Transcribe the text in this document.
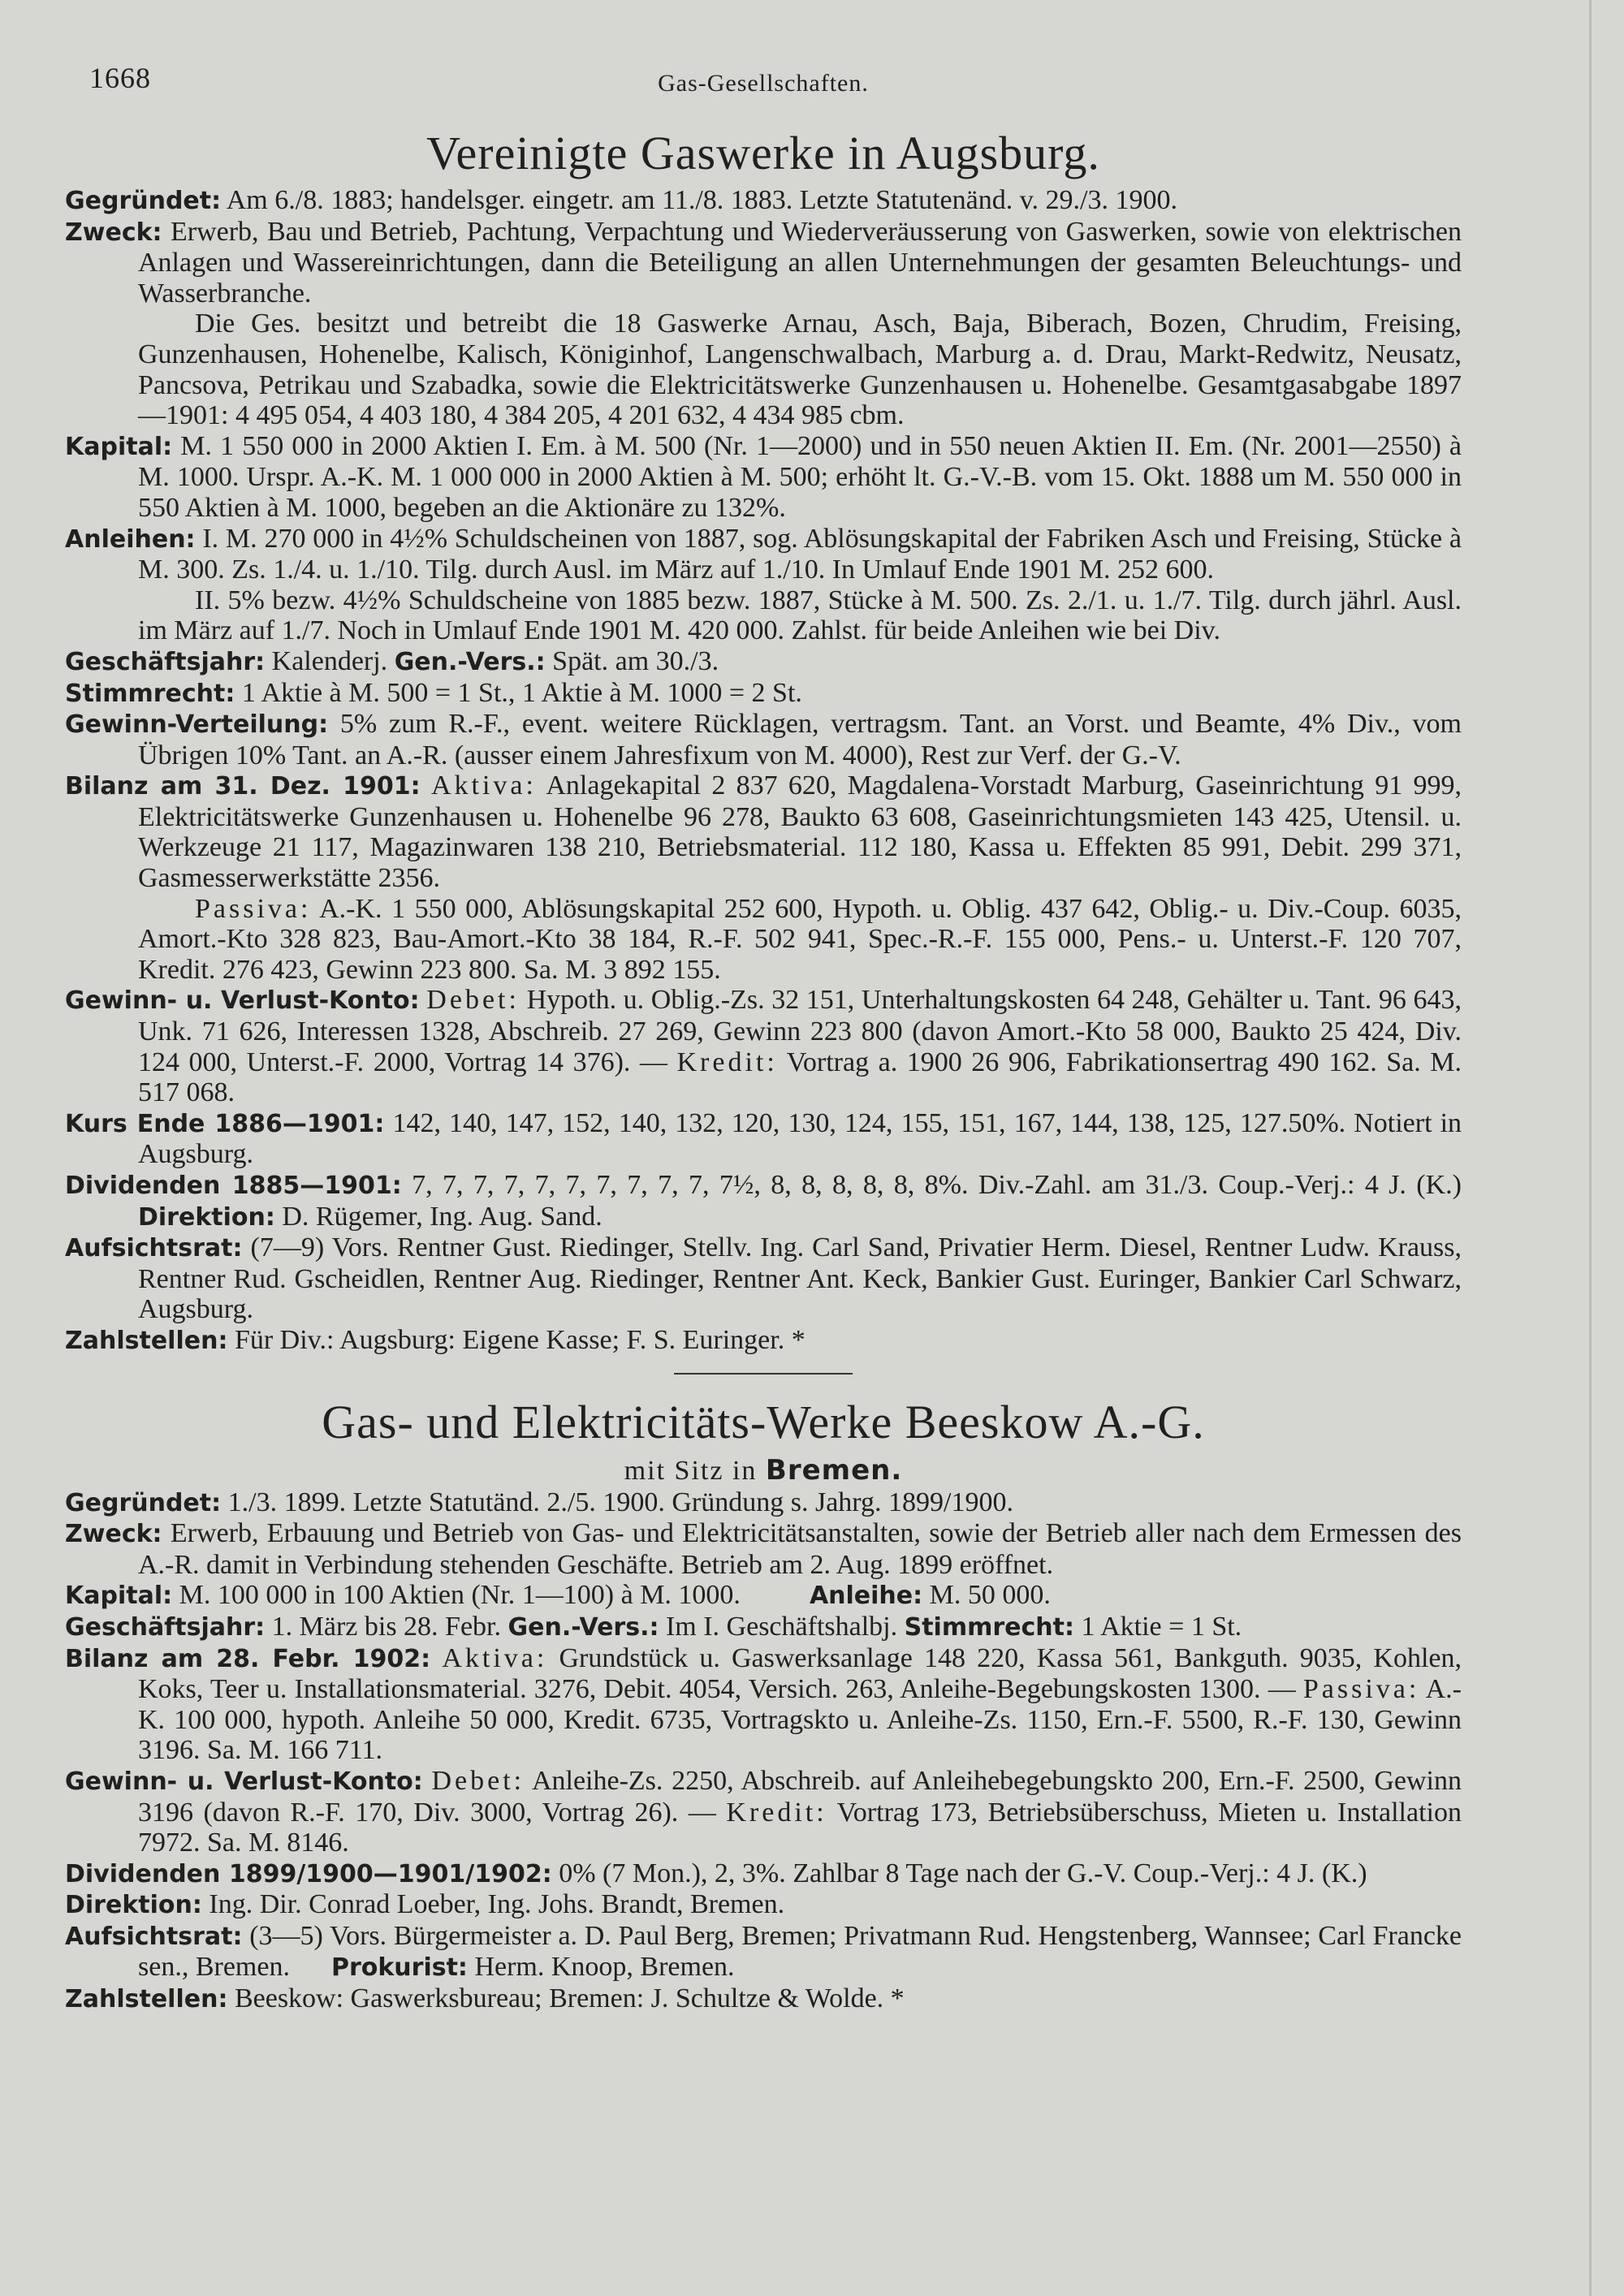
1668	Gas-Gesellschaften.
Vereinigte Gaswerke in Augsburg.
Gegründet: Am 6./8. 1883; handelsger. eingetr. am 11./8. 1883. Letzte Statutenänd. v. 29./3. 1900.
Zweck: Erwerb, Bau und Betrieb, Pachtung, Verpachtung und Wiederveräusserung von Gaswerken, sowie von elektrischen Anlagen und Wassereinrichtungen, dann die Beteiligung an allen Unternehmungen der gesamten Beleuchtungs- und Wasserbranche.
Die Ges. besitzt und betreibt die 18 Gaswerke Arnau, Asch, Baja, Biberach, Bozen, Chrudim, Freising, Gunzenhausen, Hohenelbe, Kalisch, Königinhof, Langenschwalbach, Marburg a. d. Drau, Markt-Redwitz, Neusatz, Pancsova, Petrikau und Szabadka, sowie die Elektricitätswerke Gunzenhausen u. Hohenelbe. Gesamtgasabgabe 1897—1901: 4 495 054, 4 403 180, 4 384 205, 4 201 632, 4 434 985 cbm.
Kapital: M. 1 550 000 in 2000 Aktien I. Em. à M. 500 (Nr. 1—2000) und in 550 neuen Aktien II. Em. (Nr. 2001—2550) à M. 1000. Urspr. A.-K. M. 1 000 000 in 2000 Aktien à M. 500; erhöht lt. G.-V.-B. vom 15. Okt. 1888 um M. 550 000 in 550 Aktien à M. 1000, begeben an die Aktionäre zu 132%.
Anleihen: I. M. 270 000 in 4½% Schuldscheinen von 1887, sog. Ablösungskapital der Fabriken Asch und Freising, Stücke à M. 300. Zs. 1./4. u. 1./10. Tilg. durch Ausl. im März auf 1./10. In Umlauf Ende 1901 M. 252 600.
II. 5% bezw. 4½% Schuldscheine von 1885 bezw. 1887, Stücke à M. 500. Zs. 2./1. u. 1./7. Tilg. durch jährl. Ausl. im März auf 1./7. Noch in Umlauf Ende 1901 M. 420 000. Zahlst. für beide Anleihen wie bei Div.
Geschäftsjahr: Kalenderj. Gen.-Vers.: Spät. am 30./3.
Stimmrecht: 1 Aktie à M. 500 = 1 St., 1 Aktie à M. 1000 = 2 St.
Gewinn-Verteilung: 5% zum R.-F., event. weitere Rücklagen, vertragsm. Tant. an Vorst. und Beamte, 4% Div., vom Übrigen 10% Tant. an A.-R. (ausser einem Jahresfixum von M. 4000), Rest zur Verf. der G.-V.
Bilanz am 31. Dez. 1901: Aktiva: Anlagekapital 2 837 620, Magdalena-Vorstadt Marburg, Gaseinrichtung 91 999, Elektricitätswerke Gunzenhausen u. Hohenelbe 96 278, Baukto 63 608, Gaseinrichtungsmieten 143 425, Utensil. u. Werkzeuge 21 117, Magazinwaren 138 210, Betriebsmaterial. 112 180, Kassa u. Effekten 85 991, Debit. 299 371, Gasmesserwerkstätte 2356.
Passiva: A.-K. 1 550 000, Ablösungskapital 252 600, Hypoth. u. Oblig. 437 642, Oblig.- u. Div.-Coup. 6035, Amort.-Kto 328 823, Bau-Amort.-Kto 38 184, R.-F. 502 941, Spec.-R.-F. 155 000, Pens.- u. Unterst.-F. 120 707, Kredit. 276 423, Gewinn 223 800. Sa. M. 3 892 155.
Gewinn- u. Verlust-Konto: Debet: Hypoth. u. Oblig.-Zs. 32 151, Unterhaltungskosten 64 248, Gehälter u. Tant. 96 643, Unk. 71 626, Interessen 1328, Abschreib. 27 269, Gewinn 223 800 (davon Amort.-Kto 58 000, Baukto 25 424, Div. 124 000, Unterst.-F. 2000, Vortrag 14 376). — Kredit: Vortrag a. 1900 26 906, Fabrikationsertrag 490 162. Sa. M. 517 068.
Kurs Ende 1886—1901: 142, 140, 147, 152, 140, 132, 120, 130, 124, 155, 151, 167, 144, 138, 125, 127.50%. Notiert in Augsburg.
Dividenden 1885—1901: 7, 7, 7, 7, 7, 7, 7, 7, 7, 7, 7½, 8, 8, 8, 8, 8, 8%. Div.-Zahl. am 31./3. Coup.-Verj.: 4 J. (K.) Direktion: D. Rügemer, Ing. Aug. Sand.
Aufsichtsrat: (7—9) Vors. Rentner Gust. Riedinger, Stellv. Ing. Carl Sand, Privatier Herm. Diesel, Rentner Ludw. Krauss, Rentner Rud. Gscheidlen, Rentner Aug. Riedinger, Rentner Ant. Keck, Bankier Gust. Euringer, Bankier Carl Schwarz, Augsburg.
Zahlstellen: Für Div.: Augsburg: Eigene Kasse; F. S. Euringer. *
Gas- und Elektricitäts-Werke Beeskow A.-G.
mit Sitz in Bremen.
Gegründet: 1./3. 1899. Letzte Statutänd. 2./5. 1900. Gründung s. Jahrg. 1899/1900.
Zweck: Erwerb, Erbauung und Betrieb von Gas- und Elektricitätsanstalten, sowie der Betrieb aller nach dem Ermessen des A.-R. damit in Verbindung stehenden Geschäfte. Betrieb am 2. Aug. 1899 eröffnet.
Kapital: M. 100 000 in 100 Aktien (Nr. 1—100) à M. 1000.	Anleihe: M. 50 000.
Geschäftsjahr: 1. März bis 28. Febr. Gen.-Vers.: Im I. Geschäftshalbj. Stimmrecht: 1 Aktie = 1 St.
Bilanz am 28. Febr. 1902: Aktiva: Grundstück u. Gaswerksanlage 148 220, Kassa 561, Bankguth. 9035, Kohlen, Koks, Teer u. Installationsmaterial. 3276, Debit. 4054, Versich. 263, Anleihe-Begebungskosten 1300. — Passiva: A.-K. 100 000, hypoth. Anleihe 50 000, Kredit. 6735, Vortragskto u. Anleihe-Zs. 1150, Ern.-F. 5500, R.-F. 130, Gewinn 3196. Sa. M. 166 711.
Gewinn- u. Verlust-Konto: Debet: Anleihe-Zs. 2250, Abschreib. auf Anleihebegebungskto 200, Ern.-F. 2500, Gewinn 3196 (davon R.-F. 170, Div. 3000, Vortrag 26). — Kredit: Vortrag 173, Betriebsüberschuss, Mieten u. Installation 7972. Sa. M. 8146.
Dividenden 1899/1900—1901/1902: 0% (7 Mon.), 2, 3%. Zahlbar 8 Tage nach der G.-V. Coup.-Verj.: 4 J. (K.)
Direktion: Ing. Dir. Conrad Loeber, Ing. Johs. Brandt, Bremen.
Aufsichtsrat: (3—5) Vors. Bürgermeister a. D. Paul Berg, Bremen; Privatmann Rud. Hengstenberg, Wannsee; Carl Francke sen., Bremen. Prokurist: Herm. Knoop, Bremen.
Zahlstellen: Beeskow: Gaswerksbureau; Bremen: J. Schultze & Wolde. *
